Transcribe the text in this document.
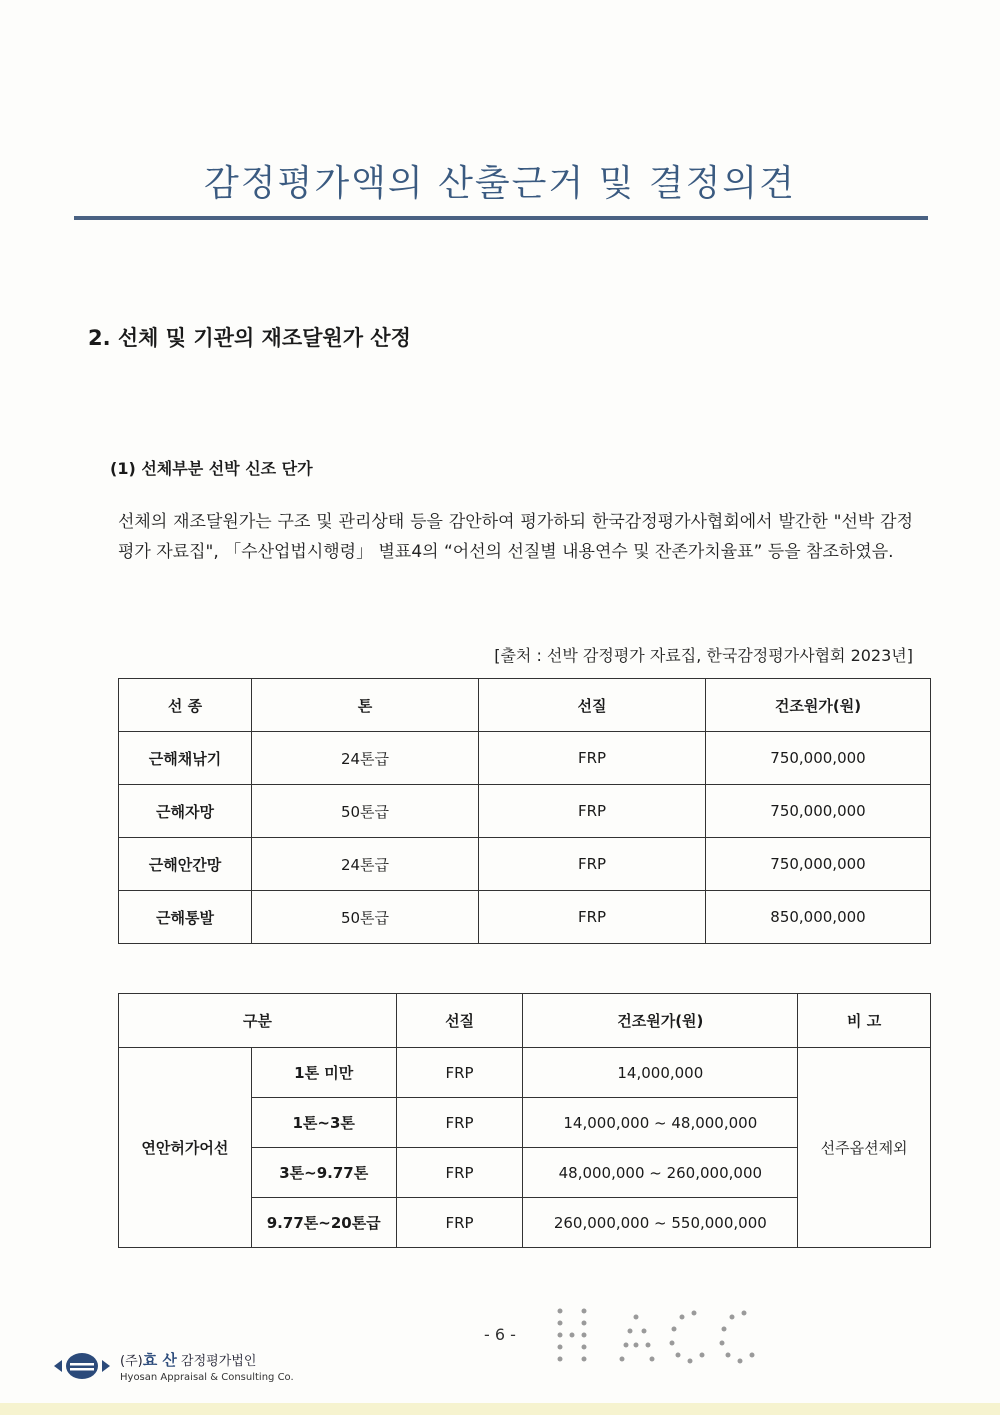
감정평가액의 산출근거 및 결정의견
2. 선체 및 기관의 재조달원가 산정
(1) 선체부분 선박 신조 단가
선체의 재조달원가는 구조 및 관리상태 등을 감안하여 평가하되 한국감정평가사협회에서 발간한 "선박 감정평가 자료집", 「수산업법시행령」 별표4의 “어선의 선질별 내용연수 및 잔존가치율표” 등을 참조하였음.
[출처 : 선박 감정평가 자료집, 한국감정평가사협회 2023년]
선 종	톤	선질	건조원가(원)
근해채낚기	24톤급	FRP	750,000,000
근해자망	50톤급	FRP	750,000,000
근해안간망	24톤급	FRP	750,000,000
근해통발	50톤급	FRP	850,000,000
구분		선질	건조원가(원)	비 고
연안허가어선	1톤 미만	FRP	14,000,000	선주옵션제외
	1톤~3톤	FRP	14,000,000 ~ 48,000,000	
	3톤~9.77톤	FRP	48,000,000 ~ 260,000,000	
	9.77톤~20톤급	FRP	260,000,000 ~ 550,000,000	
- 6 -
(주)효 산 감정평가법인
Hyosan Appraisal & Consulting Co.
